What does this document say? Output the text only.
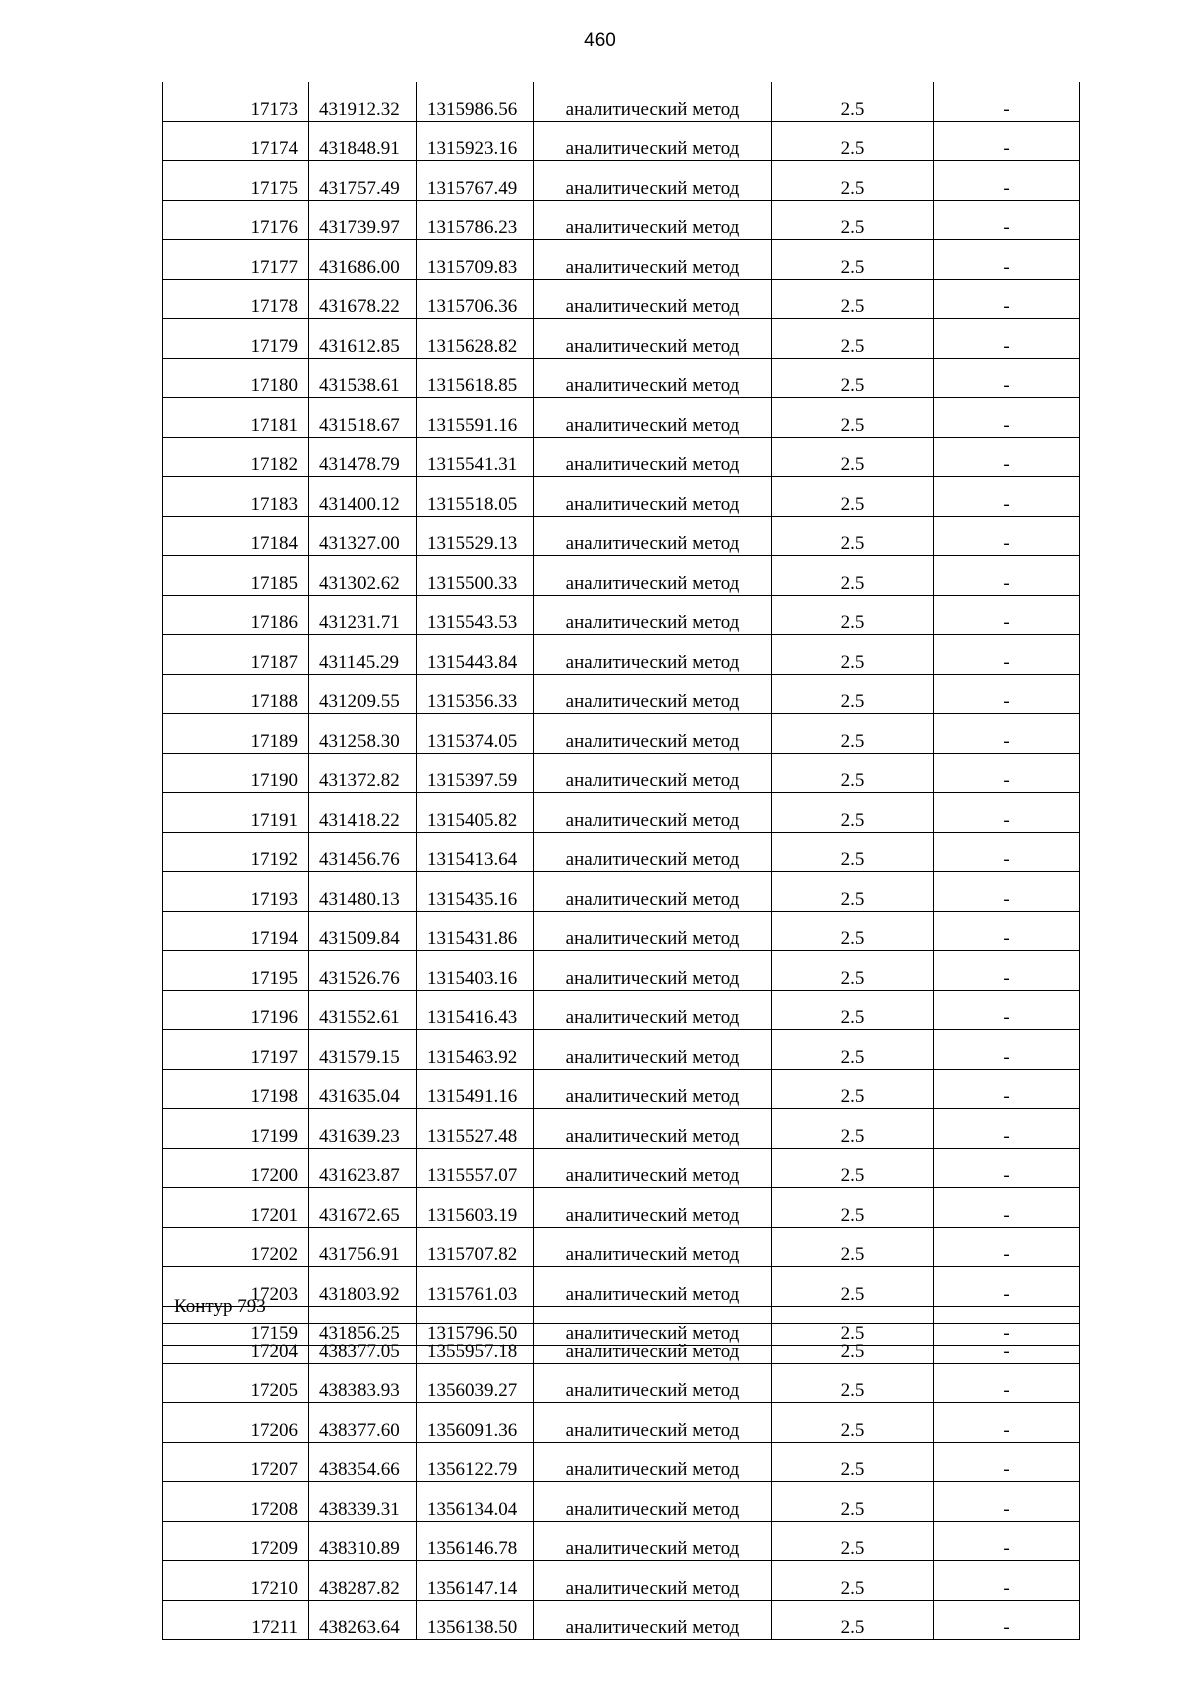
460
17173	431912.32	1315986.56	аналитический метод	2.5	-
17174	431848.91	1315923.16	аналитический метод	2.5	-
17175	431757.49	1315767.49	аналитический метод	2.5	-
17176	431739.97	1315786.23	аналитический метод	2.5	-
17177	431686.00	1315709.83	аналитический метод	2.5	-
17178	431678.22	1315706.36	аналитический метод	2.5	-
17179	431612.85	1315628.82	аналитический метод	2.5	-
17180	431538.61	1315618.85	аналитический метод	2.5	-
17181	431518.67	1315591.16	аналитический метод	2.5	-
17182	431478.79	1315541.31	аналитический метод	2.5	-
17183	431400.12	1315518.05	аналитический метод	2.5	-
17184	431327.00	1315529.13	аналитический метод	2.5	-
17185	431302.62	1315500.33	аналитический метод	2.5	-
17186	431231.71	1315543.53	аналитический метод	2.5	-
17187	431145.29	1315443.84	аналитический метод	2.5	-
17188	431209.55	1315356.33	аналитический метод	2.5	-
17189	431258.30	1315374.05	аналитический метод	2.5	-
17190	431372.82	1315397.59	аналитический метод	2.5	-
17191	431418.22	1315405.82	аналитический метод	2.5	-
17192	431456.76	1315413.64	аналитический метод	2.5	-
17193	431480.13	1315435.16	аналитический метод	2.5	-
17194	431509.84	1315431.86	аналитический метод	2.5	-
17195	431526.76	1315403.16	аналитический метод	2.5	-
17196	431552.61	1315416.43	аналитический метод	2.5	-
17197	431579.15	1315463.92	аналитический метод	2.5	-
17198	431635.04	1315491.16	аналитический метод	2.5	-
17199	431639.23	1315527.48	аналитический метод	2.5	-
17200	431623.87	1315557.07	аналитический метод	2.5	-
17201	431672.65	1315603.19	аналитический метод	2.5	-
17202	431756.91	1315707.82	аналитический метод	2.5	-
17203	431803.92	1315761.03	аналитический метод	2.5	-
17159	431856.25	1315796.50	аналитический метод	2.5	-
Контур 793
17204	438377.05	1355957.18	аналитический метод	2.5	-
17205	438383.93	1356039.27	аналитический метод	2.5	-
17206	438377.60	1356091.36	аналитический метод	2.5	-
17207	438354.66	1356122.79	аналитический метод	2.5	-
17208	438339.31	1356134.04	аналитический метод	2.5	-
17209	438310.89	1356146.78	аналитический метод	2.5	-
17210	438287.82	1356147.14	аналитический метод	2.5	-
17211	438263.64	1356138.50	аналитический метод	2.5	-
